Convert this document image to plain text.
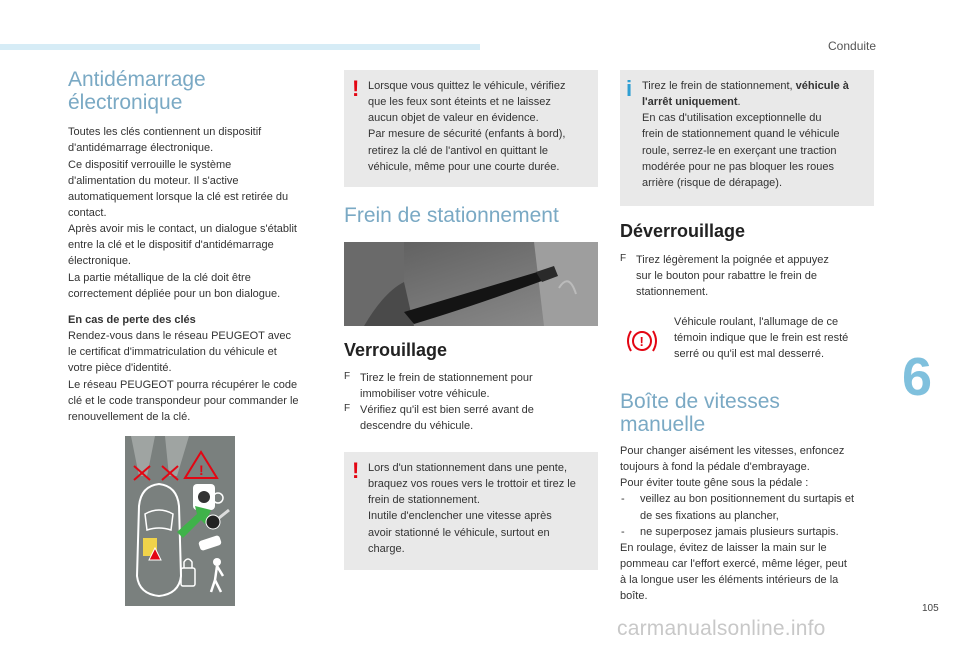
Conduite
6
105
carmanualsonline.info
Antidémarrage
électronique
Toutes les clés contiennent un dispositif
d'antidémarrage électronique.
Ce dispositif verrouille le système
d'alimentation du moteur. Il s'active
automatiquement lorsque la clé est retirée du
contact.
Après avoir mis le contact, un dialogue s'établit
entre la clé et le dispositif d'antidémarrage
électronique.
La partie métallique de la clé doit être
correctement dépliée pour un bon dialogue.
En cas de perte des clés
Rendez-vous dans le réseau PEUGEOT avec
le certificat d'immatriculation du véhicule et
votre pièce d'identité.
Le réseau PEUGEOT pourra récupérer le code
clé et le code transpondeur pour commander le
renouvellement de la clé.
!
! Lorsque vous quittez le véhicule, vérifiez
que les feux sont éteints et ne laissez
aucun objet de valeur en évidence.
Par mesure de sécurité (enfants à bord),
retirez la clé de l'antivol en quittant le
véhicule, même pour une courte durée.
Frein de stationnement
Verrouillage
F Tirez le frein de stationnement pour
immobiliser votre véhicule.
F Vérifiez qu'il est bien serré avant de
descendre du véhicule.
! Lors d'un stationnement dans une pente,
braquez vos roues vers le trottoir et tirez le
frein de stationnement.
Inutile d'enclencher une vitesse après
avoir stationné le véhicule, surtout en
charge.
i Tirez le frein de stationnement, véhicule à
l'arrêt uniquement.
En cas d'utilisation exceptionnelle du
frein de stationnement quand le véhicule
roule, serrez-le en exerçant une traction
modérée pour ne pas bloquer les roues
arrière (risque de dérapage).
Déverrouillage
F Tirez légèrement la poignée et appuyez
sur le bouton pour rabattre le frein de
stationnement.
!
Véhicule roulant, l'allumage de ce
témoin indique que le frein est resté
serré ou qu'il est mal desserré.
Boîte de vitesses
manuelle
Pour changer aisément les vitesses, enfoncez
toujours à fond la pédale d'embrayage.
Pour éviter toute gêne sous la pédale :
- veillez au bon positionnement du surtapis et
de ses fixations au plancher,
- ne superposez jamais plusieurs surtapis.
En roulage, évitez de laisser la main sur le
pommeau car l'effort exercé, même léger, peut
à la longue user les éléments intérieurs de la
boîte.
